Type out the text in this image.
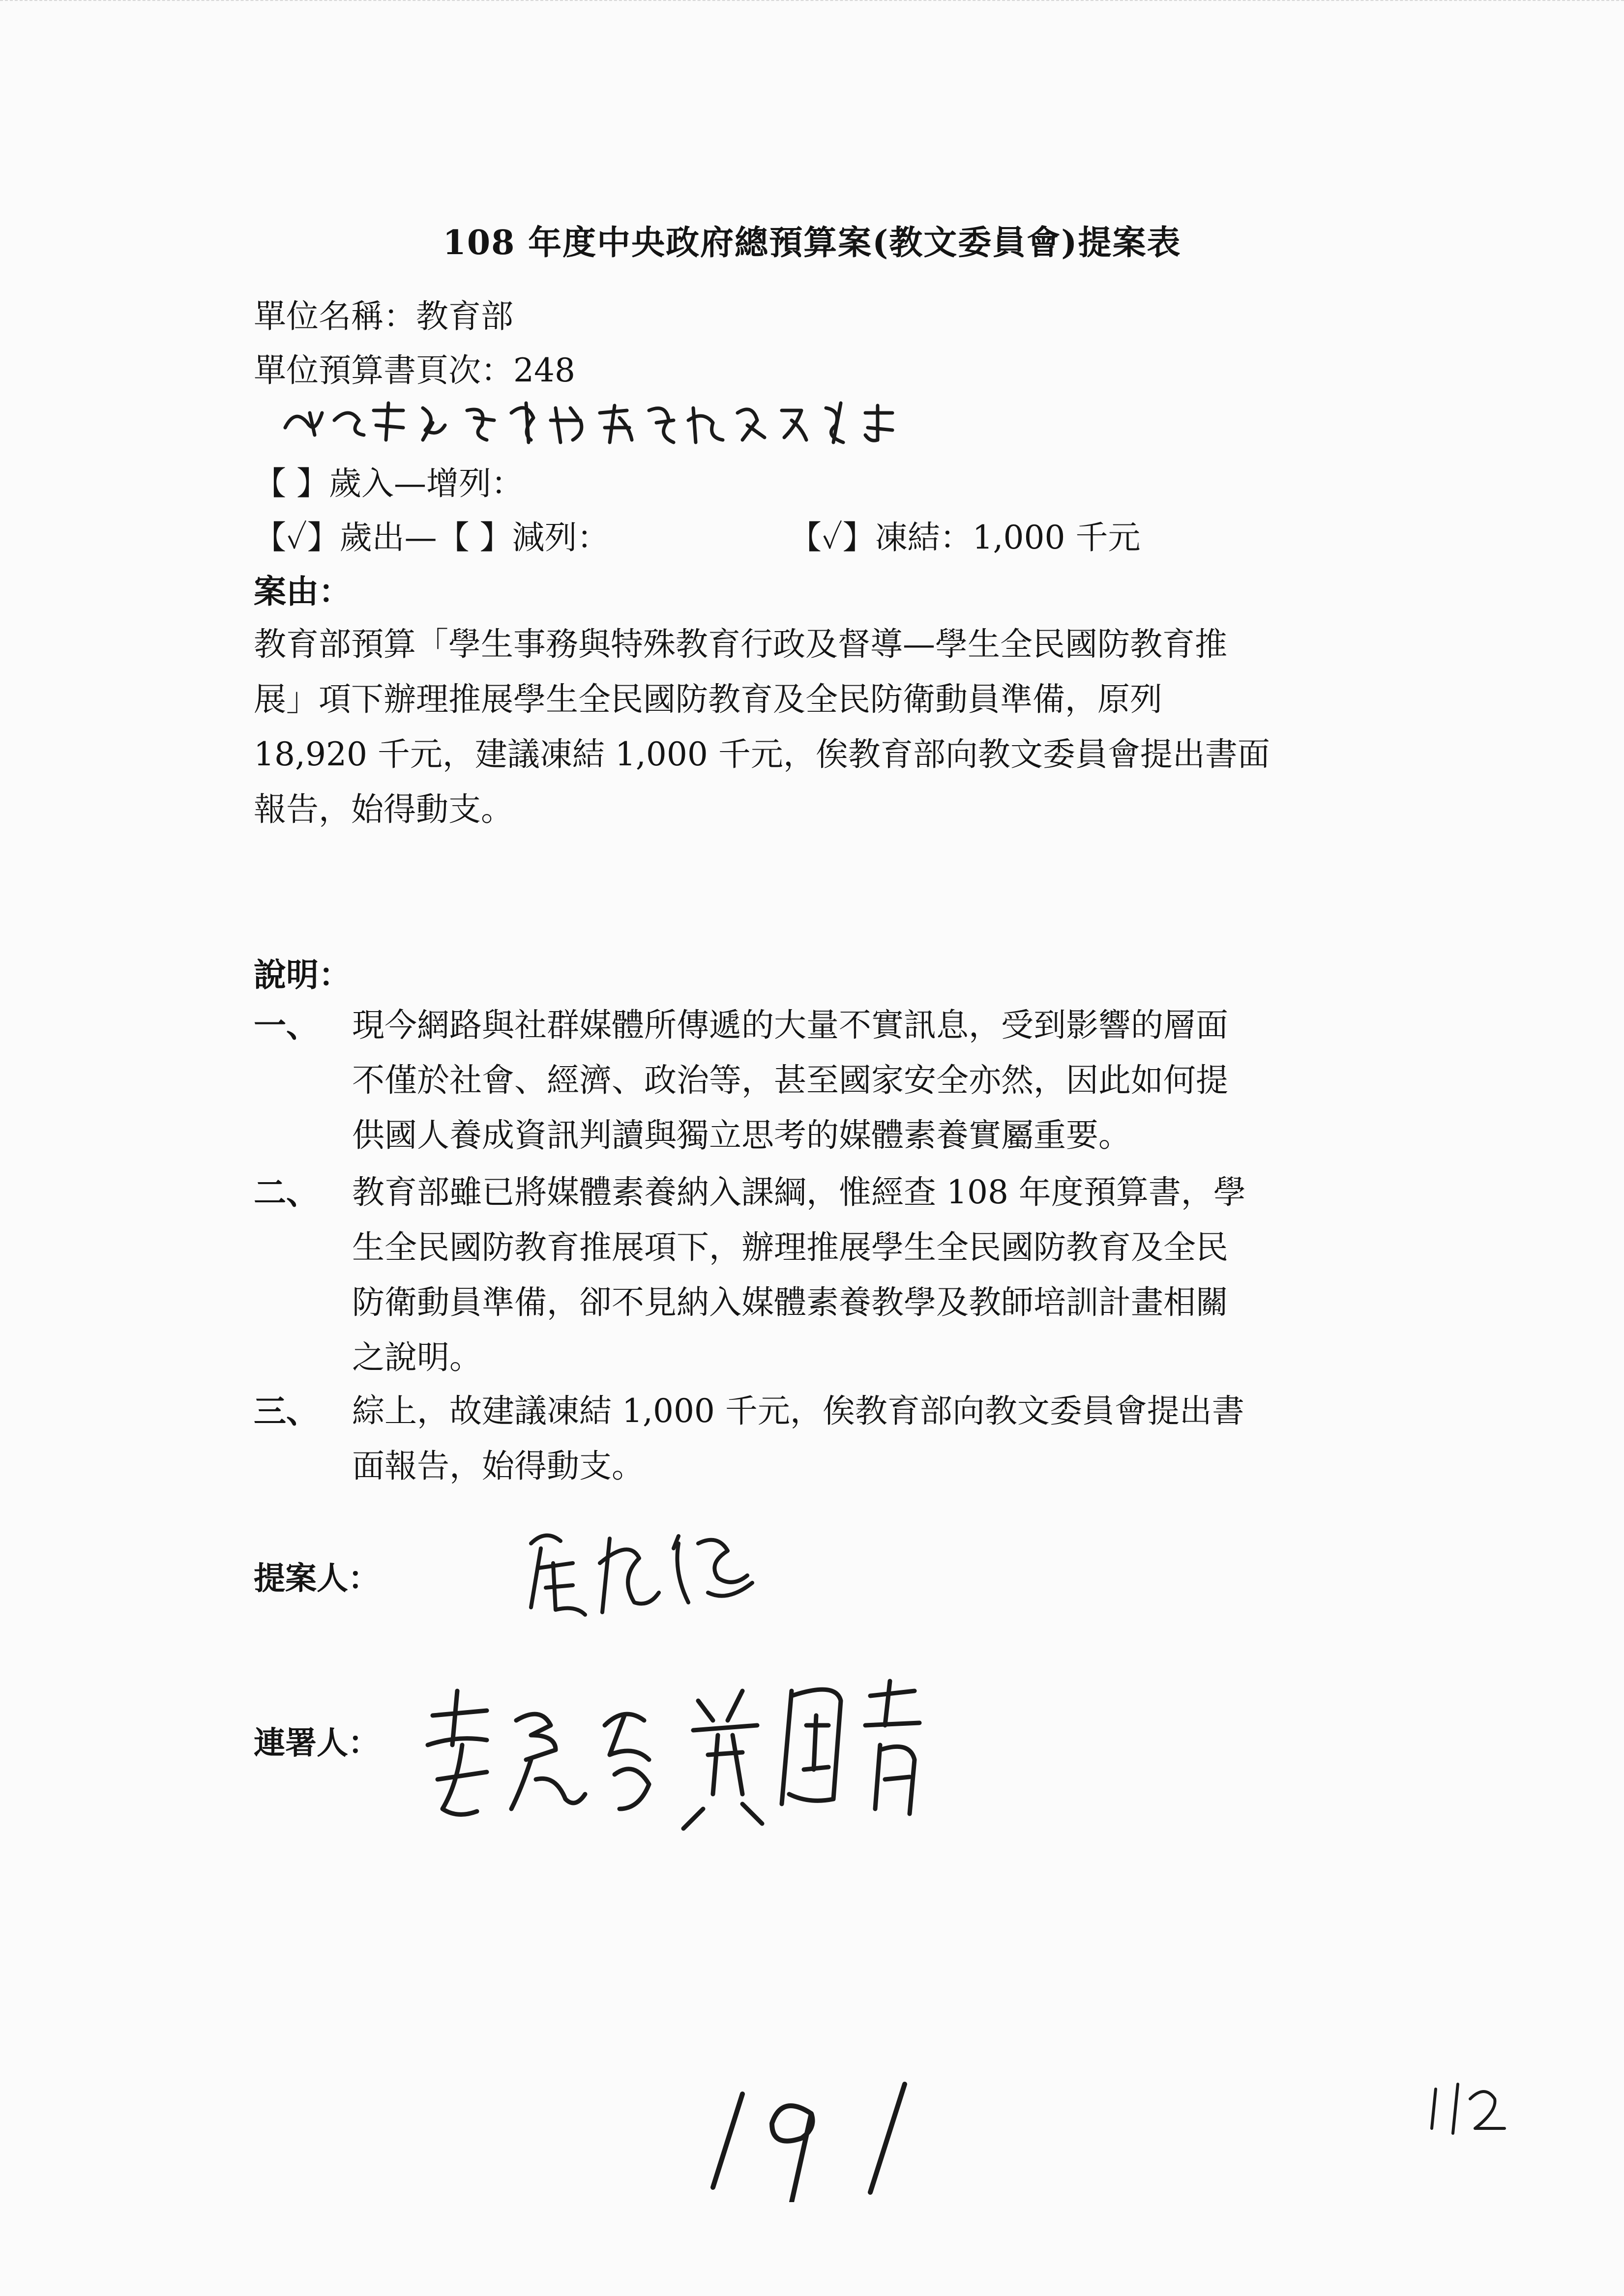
108 年度中央政府總預算案(教文委員會)提案表
單位名稱：教育部
單位預算書頁次：248
【 】歲入—增列：
【✓】歲出—【 】減列：	【✓】凍結：1,000 千元
案由：
教育部預算「學生事務與特殊教育行政及督導—學生全民國防教育推
展」項下辦理推展學生全民國防教育及全民防衛動員準備，原列
18,920 千元，建議凍結 1,000 千元，俟教育部向教文委員會提出書面
報告，始得動支。
說明：
一、 現今網路與社群媒體所傳遞的大量不實訊息，受到影響的層面
不僅於社會、經濟、政治等，甚至國家安全亦然，因此如何提
供國人養成資訊判讀與獨立思考的媒體素養實屬重要。
二、 教育部雖已將媒體素養納入課綱，惟經查 108 年度預算書，學
生全民國防教育推展項下，辦理推展學生全民國防教育及全民
防衛動員準備，卻不見納入媒體素養教學及教師培訓計畫相關
之說明。
三、 綜上，故建議凍結 1,000 千元，俟教育部向教文委員會提出書
面報告，始得動支。
提案人：
連署人：
